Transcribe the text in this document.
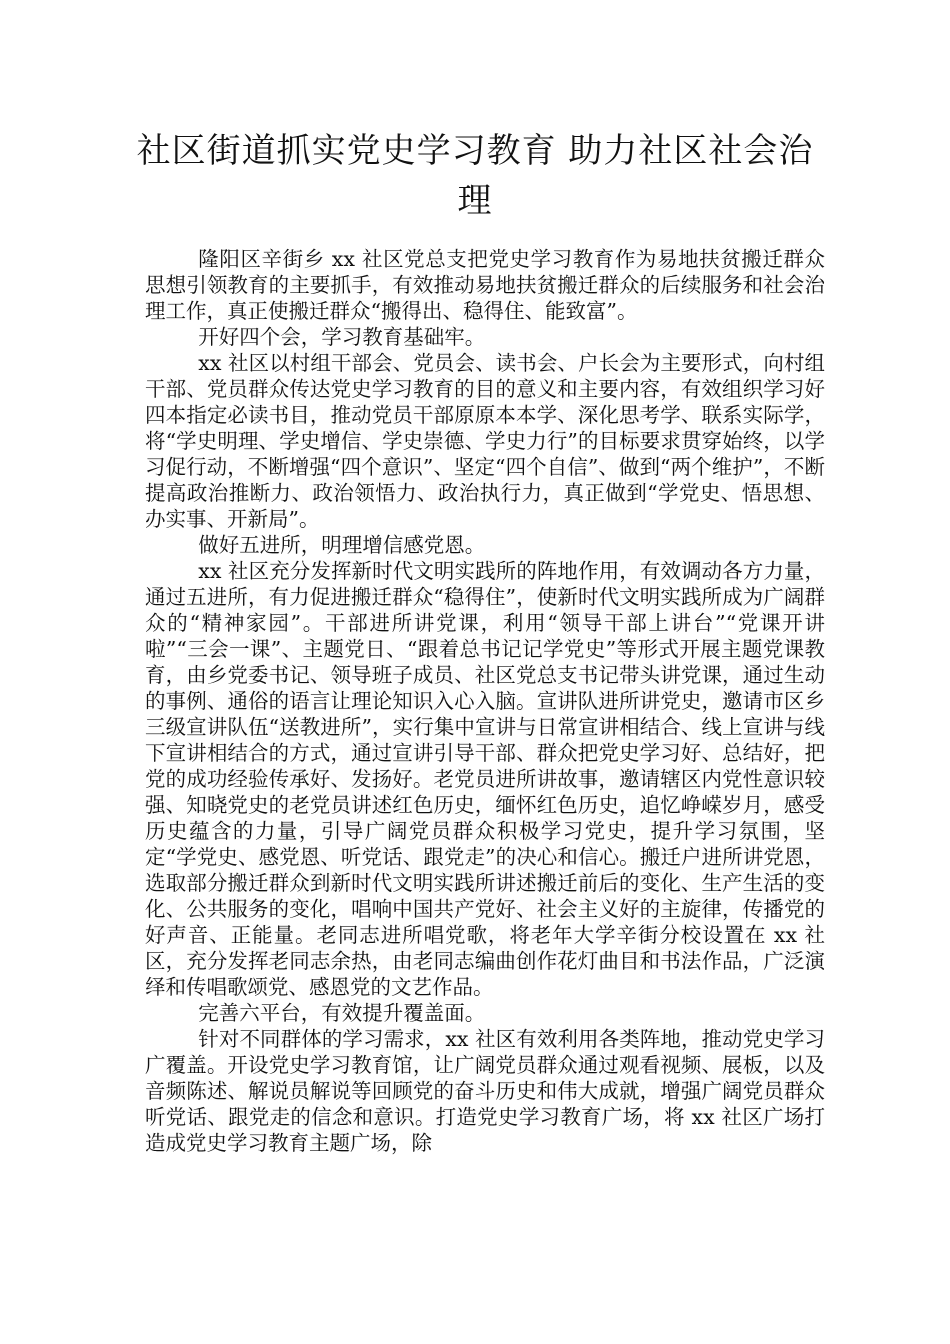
社区街道抓实党史学习教育 助力社区社会治理

隆阳区辛街乡 xx 社区党总支把党史学习教育作为易地扶贫搬迁群众思想引领教育的主要抓手，有效推动易地扶贫搬迁群众的后续服务和社会治理工作，真正使搬迁群众“搬得出、稳得住、能致富”。

开好四个会，学习教育基础牢。

xx 社区以村组干部会、党员会、读书会、户长会为主要形式，向村组干部、党员群众传达党史学习教育的目的意义和主要内容，有效组织学习好四本指定必读书目，推动党员干部原原本本学、深化思考学、联系实际学，将“学史明理、学史增信、学史崇德、学史力行”的目标要求贯穿始终，以学习促行动，不断增强“四个意识”、坚定“四个自信”、做到“两个维护”，不断提高政治推断力、政治领悟力、政治执行力，真正做到“学党史、悟思想、办实事、开新局”。

做好五进所，明理增信感党恩。

xx 社区充分发挥新时代文明实践所的阵地作用，有效调动各方力量，通过五进所，有力促进搬迁群众“稳得住”，使新时代文明实践所成为广阔群众的“精神家园”。干部进所讲党课，利用“领导干部上讲台”“党课开讲啦”“三会一课”、主题党日、“跟着总书记记学党史”等形式开展主题党课教育，由乡党委书记、领导班子成员、社区党总支书记带头讲党课，通过生动的事例、通俗的语言让理论知识入心入脑。宣讲队进所讲党史，邀请市区乡三级宣讲队伍“送教进所”，实行集中宣讲与日常宣讲相结合、线上宣讲与线下宣讲相结合的方式，通过宣讲引导干部、群众把党史学习好、总结好，把党的成功经验传承好、发扬好。老党员进所讲故事，邀请辖区内党性意识较强、知晓党史的老党员讲述红色历史，缅怀红色历史，追忆峥嵘岁月，感受历史蕴含的力量，引导广阔党员群众积极学习党史，提升学习氛围，坚定“学党史、感党恩、听党话、跟党走”的决心和信心。搬迁户进所讲党恩，选取部分搬迁群众到新时代文明实践所讲述搬迁前后的变化、生产生活的变化、公共服务的变化，唱响中国共产党好、社会主义好的主旋律，传播党的好声音、正能量。老同志进所唱党歌，将老年大学辛街分校设置在 xx 社区，充分发挥老同志余热，由老同志编曲创作花灯曲目和书法作品，广泛演绎和传唱歌颂党、感恩党的文艺作品。

完善六平台，有效提升覆盖面。

针对不同群体的学习需求，xx 社区有效利用各类阵地，推动党史学习广覆盖。开设党史学习教育馆，让广阔党员群众通过观看视频、展板，以及音频陈述、解说员解说等回顾党的奋斗历史和伟大成就，增强广阔党员群众听党话、跟党走的信念和意识。打造党史学习教育广场，将 xx 社区广场打造成党史学习教育主题广场，除
